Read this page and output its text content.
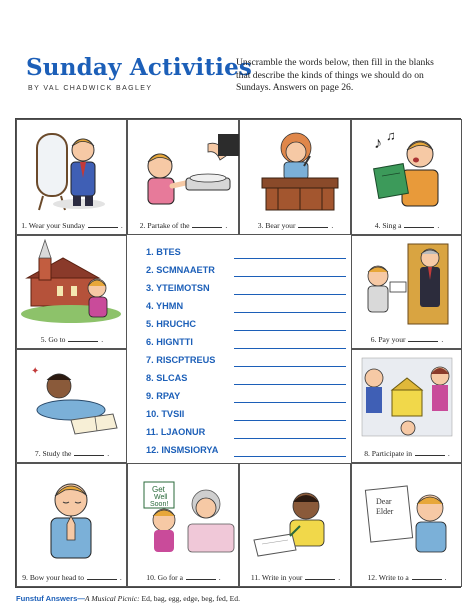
Sunday Activities
BY VAL CHADWICK BAGLEY
Unscramble the words below, then fill in the blanks that describe the kinds of things we should do on Sundays. Answers on page 26.
1. Wear your Sunday	.	2. Partake of the	.	3. Bear your	.
♪ ♫
4. Sing a	.
5. Go to	.	6. Pay your	.
✦
7. Study the	.	8. Participate in	.
9. Bow your head to	.
Get
Well
Soon!
10. Go for a	.	11. Write in your	.
Dear
Elder
12. Write to a	.
1. BTES
2. SCMNAAETR
3. YTEIMOTSN
4. YHMN
5. HRUCHC
6. HIGNTTI
7. RISCPTREUS
8. SLCAS
9. RPAY
10. TVSII
11. LJAONUR
12. INSMSIORYA
Funstuf Answers—A Musical Picnic: Ed, bag, egg, edge, beg, fed, Ed.
